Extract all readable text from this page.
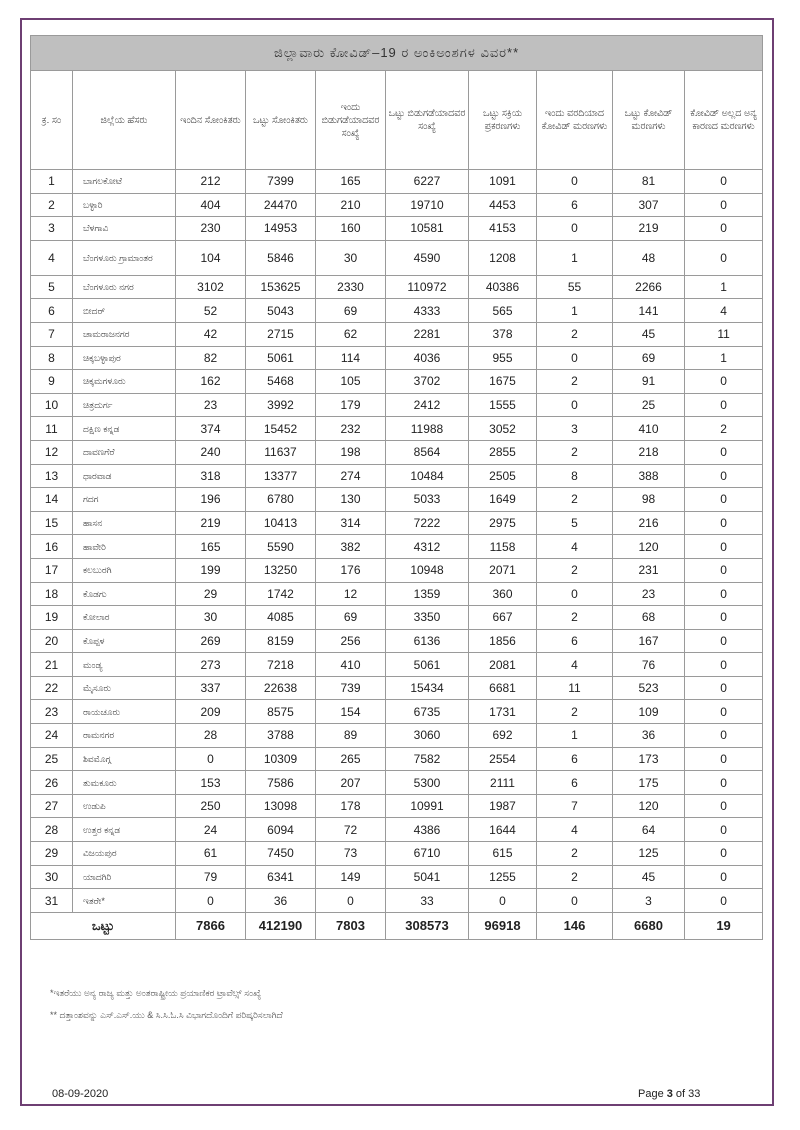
ಜಿಲ್ಲಾವಾರು ಕೋವಿಡ್–19 ರ ಅಂಕಿಅಂಶಗಳ ವಿವರ**									
ಕ್ರ. ಸಂ	ಜಿಲ್ಲೆಯ ಹೆಸರು	ಇಂದಿನ ಸೋಂಕಿತರು	ಒಟ್ಟು ಸೋಂಕಿತರು	ಇಂದು ಬಿಡುಗಡೆಯಾದವರ ಸಂಖ್ಯೆ	ಒಟ್ಟು ಬಿಡುಗಡೆಯಾದವರ ಸಂಖ್ಯೆ	ಒಟ್ಟು ಸಕ್ರಿಯ ಪ್ರಕರಣಗಳು	ಇಂದು ವರದಿಯಾದ ಕೋವಿಡ್ ಮರಣಗಳು	ಒಟ್ಟು ಕೋವಿಡ್ ಮರಣಗಳು	ಕೋವಿಡ್ ಅಲ್ಲದ ಅನ್ಯ ಕಾರಣದ ಮರಣಗಳು
1	ಬಾಗಲಕೋಟೆ	212	7399	165	6227	1091	0	81	0
2	ಬಳ್ಳಾರಿ	404	24470	210	19710	4453	6	307	0
3	ಬೆಳಗಾವಿ	230	14953	160	10581	4153	0	219	0
4	ಬೆಂಗಳೂರು ಗ್ರಾಮಾಂತರ	104	5846	30	4590	1208	1	48	0
5	ಬೆಂಗಳೂರು ನಗರ	3102	153625	2330	110972	40386	55	2266	1
6	ಬೀದರ್	52	5043	69	4333	565	1	141	4
7	ಚಾಮರಾಜನಗರ	42	2715	62	2281	378	2	45	11
8	ಚಿಕ್ಕಬಳ್ಳಾಪುರ	82	5061	114	4036	955	0	69	1
9	ಚಿಕ್ಕಮಗಳೂರು	162	5468	105	3702	1675	2	91	0
10	ಚಿತ್ರದುರ್ಗ	23	3992	179	2412	1555	0	25	0
11	ದಕ್ಷಿಣ ಕನ್ನಡ	374	15452	232	11988	3052	3	410	2
12	ದಾವಣಗೆರೆ	240	11637	198	8564	2855	2	218	0
13	ಧಾರವಾಡ	318	13377	274	10484	2505	8	388	0
14	ಗದಗ	196	6780	130	5033	1649	2	98	0
15	ಹಾಸನ	219	10413	314	7222	2975	5	216	0
16	ಹಾವೇರಿ	165	5590	382	4312	1158	4	120	0
17	ಕಲಬುರಗಿ	199	13250	176	10948	2071	2	231	0
18	ಕೊಡಗು	29	1742	12	1359	360	0	23	0
19	ಕೋಲಾರ	30	4085	69	3350	667	2	68	0
20	ಕೊಪ್ಪಳ	269	8159	256	6136	1856	6	167	0
21	ಮಂಡ್ಯ	273	7218	410	5061	2081	4	76	0
22	ಮೈಸೂರು	337	22638	739	15434	6681	11	523	0
23	ರಾಯಚೂರು	209	8575	154	6735	1731	2	109	0
24	ರಾಮನಗರ	28	3788	89	3060	692	1	36	0
25	ಶಿವಮೊಗ್ಗ	0	10309	265	7582	2554	6	173	0
26	ತುಮಕೂರು	153	7586	207	5300	2111	6	175	0
27	ಉಡುಪಿ	250	13098	178	10991	1987	7	120	0
28	ಉತ್ತರ ಕನ್ನಡ	24	6094	72	4386	1644	4	64	0
29	ವಿಜಯಪುರ	61	7450	73	6710	615	2	125	0
30	ಯಾದಗಿರಿ	79	6341	149	5041	1255	2	45	0
31	ಇತರೇ*	0	36	0	33	0	0	3	0
ಒಟ್ಟು		7866	412190	7803	308573	96918	146	6680	19
*ಇತರೆಯು ಅನ್ಯ ರಾಜ್ಯ ಮತ್ತು ಅಂತರಾಷ್ಟ್ರೀಯ ಪ್ರಯಾಣಿಕರ ಟ್ರಾವೆಲ್ಸ್ ಸಂಖ್ಯೆ
** ದತ್ತಾಂಶವನ್ನು ಎಸ್.ಎಸ್.ಯು & ಸಿ.ಸಿ.ಓ.ಸಿ ವಿಭಾಗದೊಂದಿಗೆ ಪರಿಷ್ಕರಿಸಲಾಗಿದೆ
08-09-2020	Page 3 of 33
